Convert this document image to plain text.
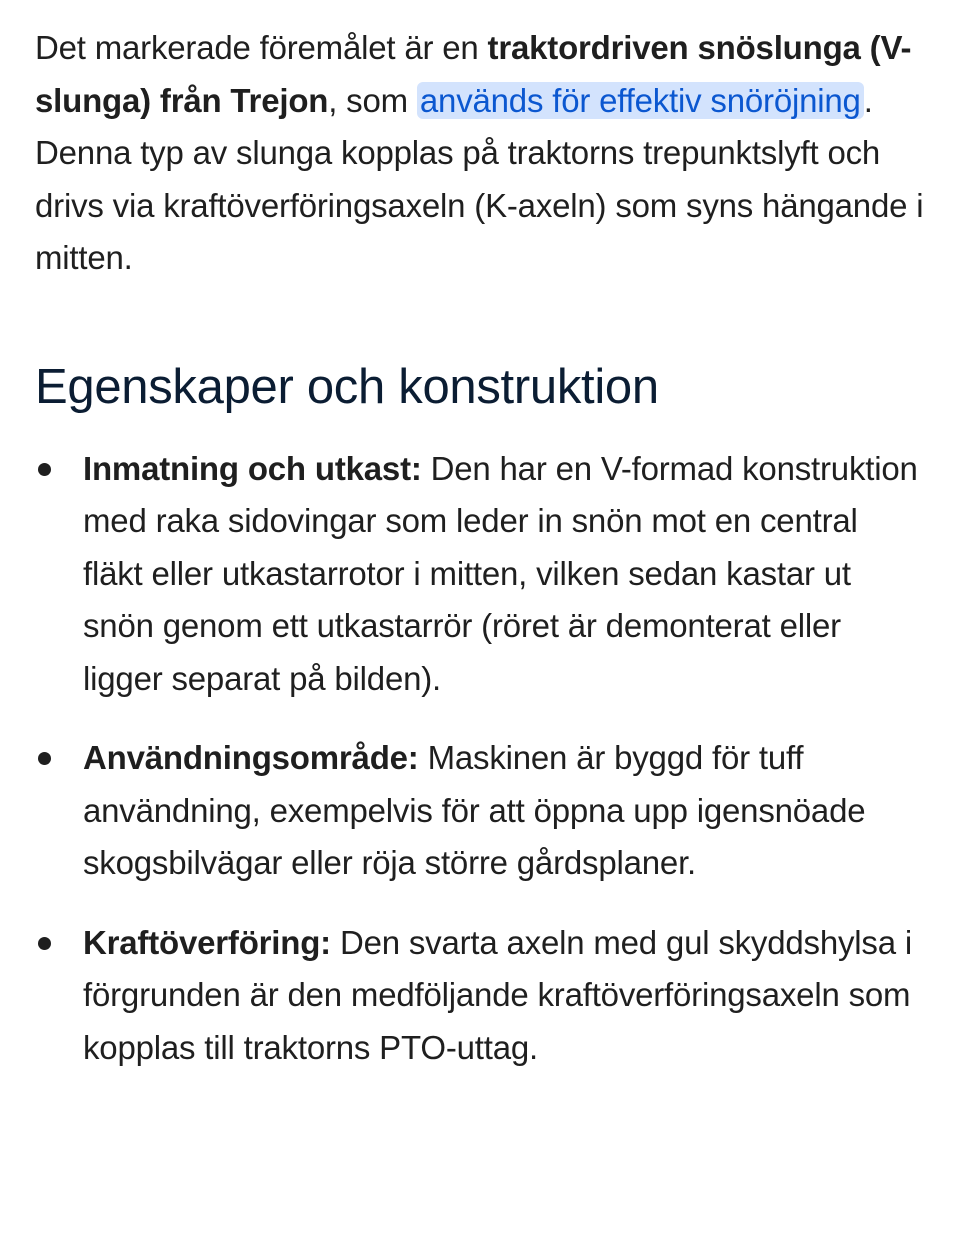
Det markerade föremålet är en traktordriven snöslunga (V-slunga) från Trejon, som används för effektiv snöröjning. Denna typ av slunga kopplas på traktorns trepunktslyft och drivs via kraftöverföringsaxeln (K-axeln) som syns hängande i mitten.

Egenskaper och konstruktion
Inmatning och utkast: Den har en V-formad konstruktion med raka sidovingar som leder in snön mot en central fläkt eller utkastarrotor i mitten, vilken sedan kastar ut snön genom ett utkastarrör (röret är demonterat eller ligger separat på bilden).
Användningsområde: Maskinen är byggd för tuff användning, exempelvis för att öppna upp igensnöade skogsbilvägar eller röja större gårdsplaner.
Kraftöverföring: Den svarta axeln med gul skyddshylsa i förgrunden är den medföljande kraftöverföringsaxeln som kopplas till traktorns PTO-uttag.
